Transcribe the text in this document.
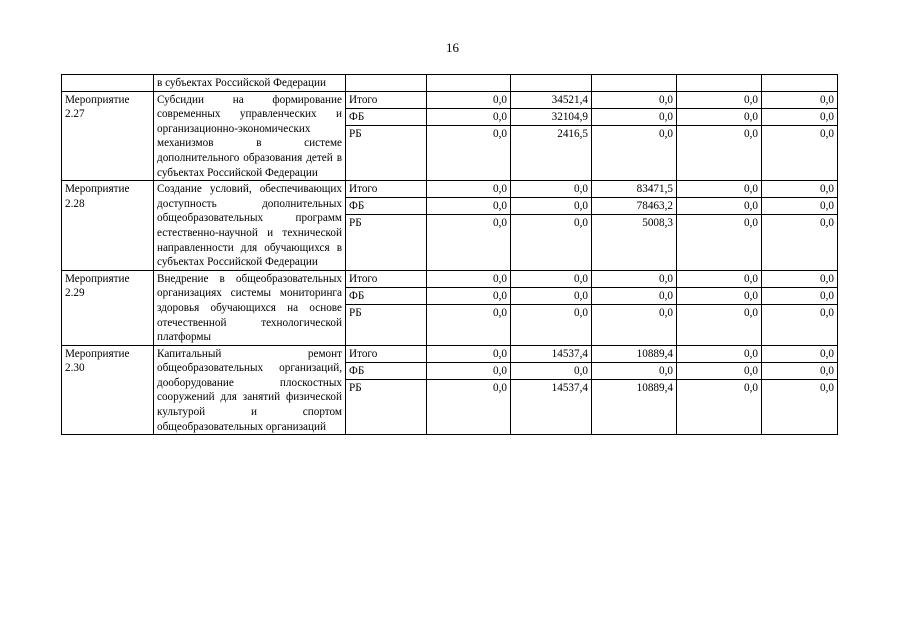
16
	в субъектах Российской Федерации						
Мероприятие 2.27	Субсидии на формирование современных управленческих и организационно-экономических механизмов в системе дополнительного образования детей в субъектах Российской Федерации	Итого	0,0	34521,4	0,0	0,0	0,0
		ФБ	0,0	32104,9	0,0	0,0	0,0
		РБ	0,0	2416,5	0,0	0,0	0,0

Мероприятие 2.28	Создание условий, обеспечивающих доступность дополнительных общеобразовательных программ естественно-научной и технической направленности для обучающихся в субъектах Российской Федерации	Итого	0,0	0,0	83471,5	0,0	0,0
		ФБ	0,0	0,0	78463,2	0,0	0,0
		РБ	0,0	0,0	5008,3	0,0	0,0

Мероприятие 2.29	Внедрение в общеобразовательных организациях системы мониторинга здоровья обучающихся на основе отечественной технологической платформы	Итого	0,0	0,0	0,0	0,0	0,0
		ФБ	0,0	0,0	0,0	0,0	0,0
		РБ	0,0	0,0	0,0	0,0	0,0

Мероприятие 2.30	Капитальный ремонт общеобразовательных организаций, дооборудование плоскостных сооружений для занятий физической культурой и спортом общеобразовательных организаций	Итого	0,0	14537,4	10889,4	0,0	0,0
		ФБ	0,0	0,0	0,0	0,0	0,0
		РБ	0,0	14537,4	10889,4	0,0	0,0
